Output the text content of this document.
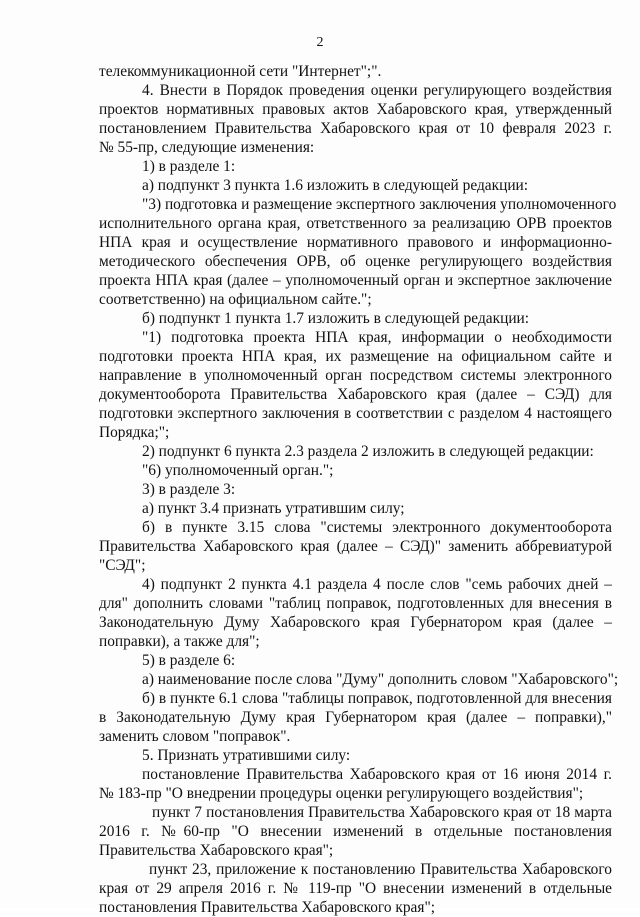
2
телекоммуникационной сети "Интернет";".
4. Внести в Порядок проведения оценки регулирующего воздействия
проектов нормативных правовых актов Хабаровского края, утвержденный
постановлением Правительства Хабаровского края от 10 февраля 2023 г.
№ 55-пр, следующие изменения:
1) в разделе 1:
а) подпункт 3 пункта 1.6 изложить в следующей редакции:
"3) подготовка и размещение экспертного заключения уполномоченного
исполнительного органа края, ответственного за реализацию ОРВ проектов
НПА края и осуществление нормативного правового и информационно-
методического обеспечения ОРВ, об оценке регулирующего воздействия
проекта НПА края (далее – уполномоченный орган и экспертное заключение
соответственно) на официальном сайте.";
б) подпункт 1 пункта 1.7 изложить в следующей редакции:
"1) подготовка проекта НПА края, информации о необходимости
подготовки проекта НПА края, их размещение на официальном сайте и
направление в уполномоченный орган посредством системы электронного
документооборота Правительства Хабаровского края (далее – СЭД) для
подготовки экспертного заключения в соответствии с разделом 4 настоящего
Порядка;";
2) подпункт 6 пункта 2.3 раздела 2 изложить в следующей редакции:
"6) уполномоченный орган.";
3) в разделе 3:
а) пункт 3.4 признать утратившим силу;
б) в пункте 3.15 слова "системы электронного документооборота
Правительства Хабаровского края (далее – СЭД)" заменить аббревиатурой
"СЭД";
4) подпункт 2 пункта 4.1 раздела 4 после слов "семь рабочих дней –
для" дополнить словами "таблиц поправок, подготовленных для внесения в
Законодательную Думу Хабаровского края Губернатором края (далее –
поправки), а также для";
5) в разделе 6:
а) наименование после слова "Думу" дополнить словом "Хабаровского";
б) в пункте 6.1 слова "таблицы поправок, подготовленной для внесения
в Законодательную Думу края Губернатором края (далее – поправки),"
заменить словом "поправок".
5. Признать утратившими силу:
постановление Правительства Хабаровского края от 16 июня 2014 г.
№ 183-пр "О внедрении процедуры оценки регулирующего воздействия";
пункт 7 постановления Правительства Хабаровского края от 18 марта
2016 г. №60-пр "О внесении изменений в отдельные постановления
Правительства Хабаровского края";
пункт 23, приложение к постановлению Правительства Хабаровского
края от 29 апреля 2016 г. № 119-пр "О внесении изменений в отдельные
постановления Правительства Хабаровского края";
